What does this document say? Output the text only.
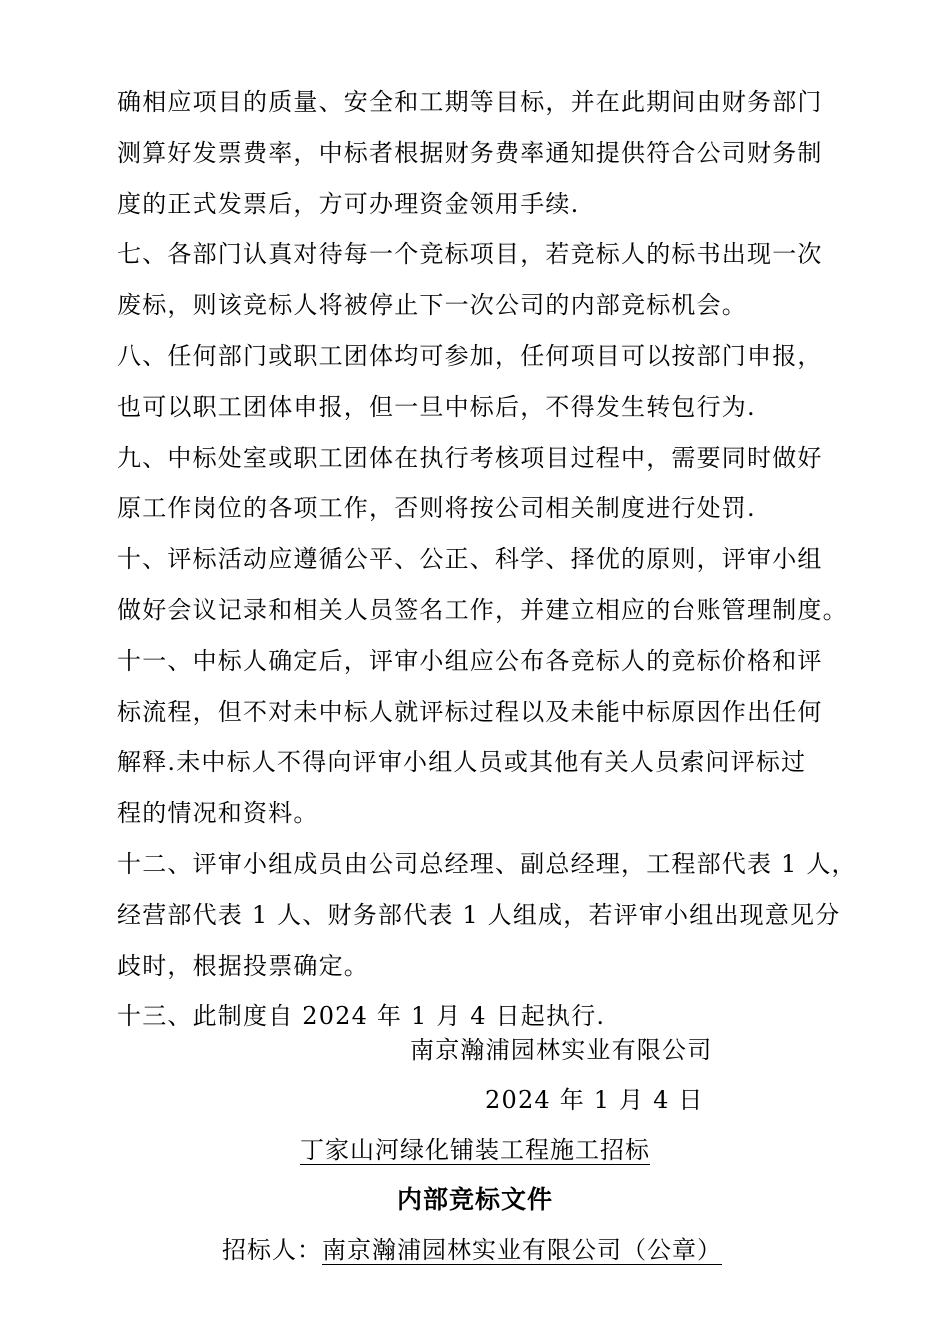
确相应项目的质量、安全和工期等目标，并在此期间由财务部门
测算好发票费率，中标者根据财务费率通知提供符合公司财务制
度的正式发票后，方可办理资金领用手续.
七、各部门认真对待每一个竞标项目，若竞标人的标书出现一次
废标，则该竞标人将被停止下一次公司的内部竞标机会。
八、任何部门或职工团体均可参加，任何项目可以按部门申报，
也可以职工团体申报，但一旦中标后，不得发生转包行为.
九、中标处室或职工团体在执行考核项目过程中，需要同时做好
原工作岗位的各项工作，否则将按公司相关制度进行处罚.
十、评标活动应遵循公平、公正、科学、择优的原则，评审小组
做好会议记录和相关人员签名工作，并建立相应的台账管理制度。
十一、中标人确定后，评审小组应公布各竞标人的竞标价格和评
标流程，但不对未中标人就评标过程以及未能中标原因作出任何
解释.未中标人不得向评审小组人员或其他有关人员索问评标过
程的情况和资料。
十二、评审小组成员由公司总经理、副总经理，工程部代表 1 人，
经营部代表 1 人、财务部代表 1 人组成，若评审小组出现意见分
歧时，根据投票确定。
十三、此制度自 2024 年 1 月 4 日起执行.
南京瀚浦园林实业有限公司
2024 年 1 月 4 日
丁家山河绿化铺装工程施工招标
内部竞标文件
招标人：南京瀚浦园林实业有限公司（公章）
